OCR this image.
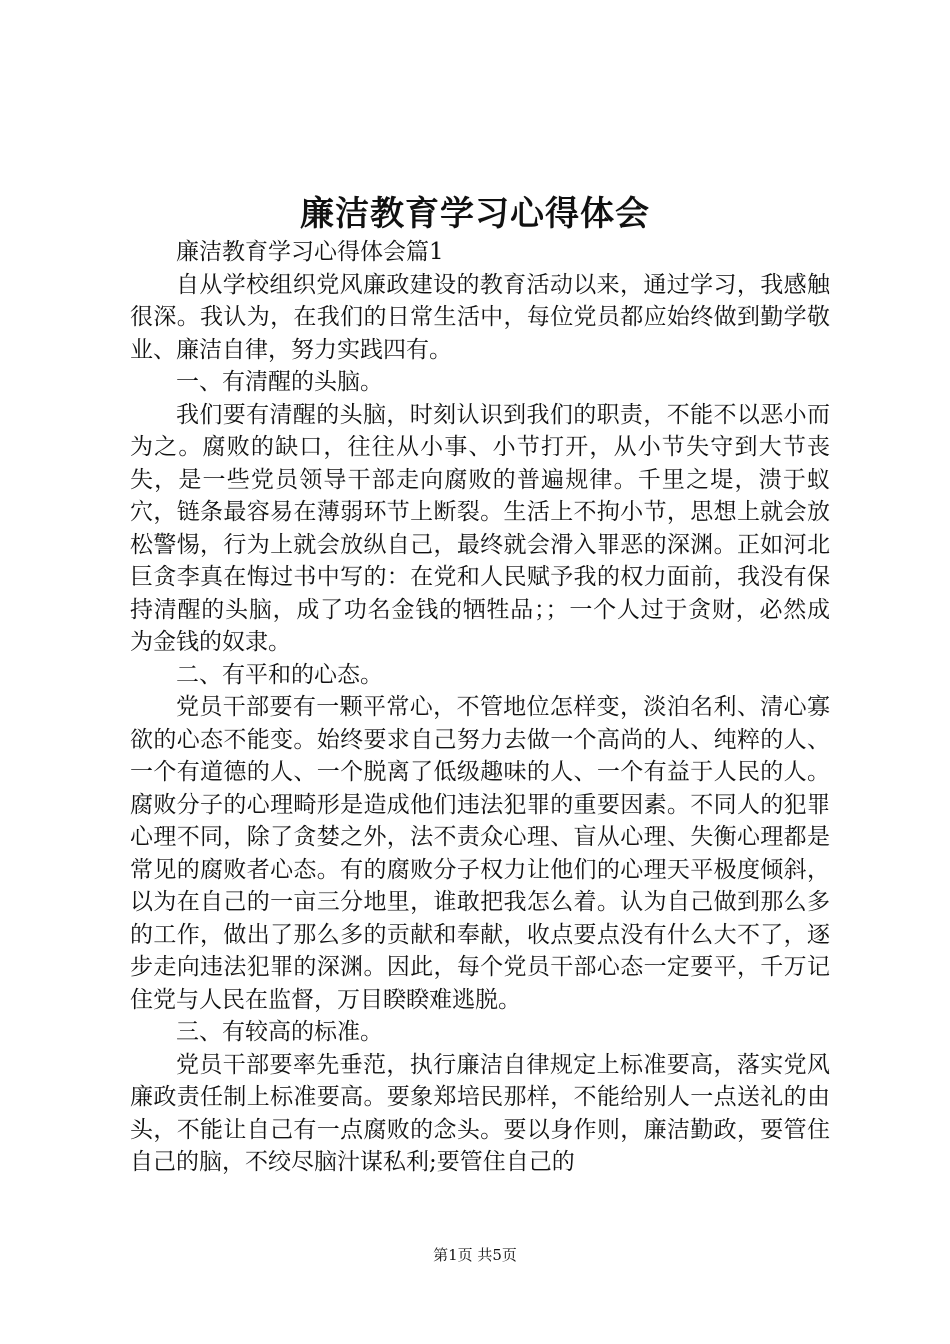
廉洁教育学习心得体会

廉洁教育学习心得体会篇1

自从学校组织党风廉政建设的教育活动以来，通过学习，我感触很深。我认为，在我们的日常生活中，每位党员都应始终做到勤学敬业、廉洁自律，努力实践四有。

一、有清醒的头脑。

我们要有清醒的头脑，时刻认识到我们的职责，不能不以恶小而为之。腐败的缺口，往往从小事、小节打开，从小节失守到大节丧失，是一些党员领导干部走向腐败的普遍规律。千里之堤，溃于蚁穴，链条最容易在薄弱环节上断裂。生活上不拘小节，思想上就会放松警惕，行为上就会放纵自己，最终就会滑入罪恶的深渊。正如河北巨贪李真在悔过书中写的：在党和人民赋予我的权力面前，我没有保持清醒的头脑，成了功名金钱的牺牲品；；一个人过于贪财，必然成为金钱的奴隶。

二、有平和的心态。

党员干部要有一颗平常心，不管地位怎样变，淡泊名利、清心寡欲的心态不能变。始终要求自己努力去做一个高尚的人、纯粹的人、一个有道德的人、一个脱离了低级趣味的人、一个有益于人民的人。腐败分子的心理畸形是造成他们违法犯罪的重要因素。不同人的犯罪心理不同，除了贪婪之外，法不责众心理、盲从心理、失衡心理都是常见的腐败者心态。有的腐败分子权力让他们的心理天平极度倾斜，以为在自己的一亩三分地里，谁敢把我怎么着。认为自己做到那么多的工作，做出了那么多的贡献和奉献，收点要点没有什么大不了，逐步走向违法犯罪的深渊。因此，每个党员干部心态一定要平，千万记住党与人民在监督，万目睽睽难逃脱。

三、有较高的标准。

党员干部要率先垂范，执行廉洁自律规定上标准要高，落实党风廉政责任制上标准要高。要象郑培民那样，不能给别人一点送礼的由头，不能让自己有一点腐败的念头。要以身作则，廉洁勤政，要管住自己的脑，不绞尽脑汁谋私利;要管住自己的

第1页 共5页
